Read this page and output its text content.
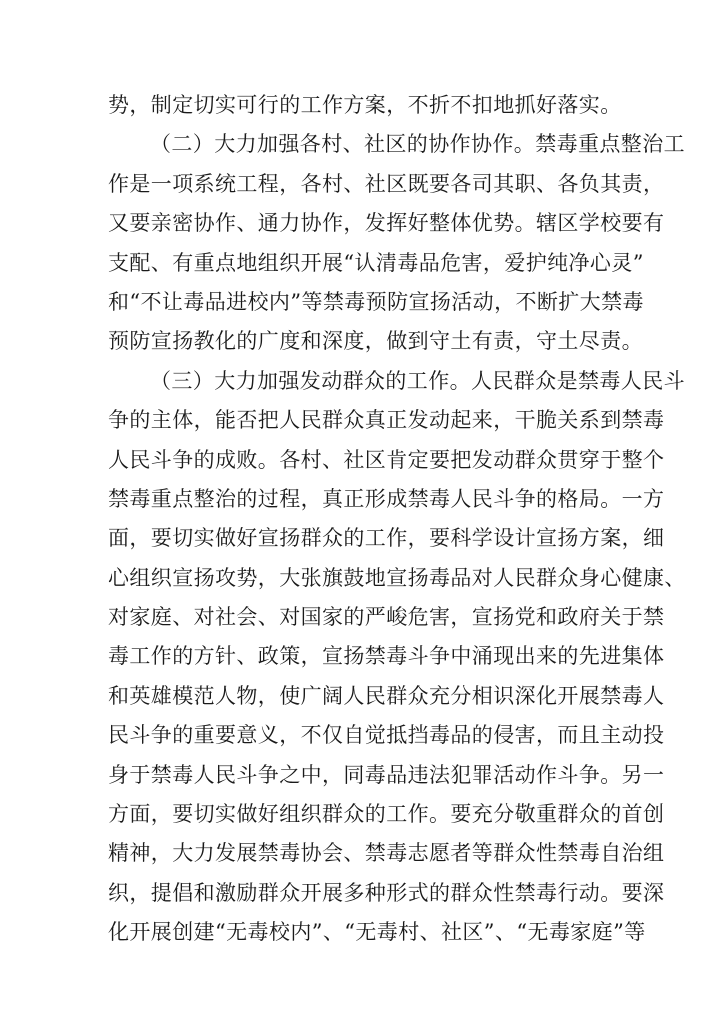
势，制定切实可行的工作方案，不折不扣地抓好落实。
（二）大力加强各村、社区的协作协作。禁毒重点整治工
作是一项系统工程，各村、社区既要各司其职、各负其责，
又要亲密协作、通力协作，发挥好整体优势。辖区学校要有
支配、有重点地组织开展“认清毒品危害，爱护纯净心灵”
和“不让毒品进校内”等禁毒预防宣扬活动，不断扩大禁毒
预防宣扬教化的广度和深度，做到守土有责，守土尽责。
（三）大力加强发动群众的工作。人民群众是禁毒人民斗
争的主体，能否把人民群众真正发动起来，干脆关系到禁毒
人民斗争的成败。各村、社区肯定要把发动群众贯穿于整个
禁毒重点整治的过程，真正形成禁毒人民斗争的格局。一方
面，要切实做好宣扬群众的工作，要科学设计宣扬方案，细
心组织宣扬攻势，大张旗鼓地宣扬毒品对人民群众身心健康、
对家庭、对社会、对国家的严峻危害，宣扬党和政府关于禁
毒工作的方针、政策，宣扬禁毒斗争中涌现出来的先进集体
和英雄模范人物，使广阔人民群众充分相识深化开展禁毒人
民斗争的重要意义，不仅自觉抵挡毒品的侵害，而且主动投
身于禁毒人民斗争之中，同毒品违法犯罪活动作斗争。另一
方面，要切实做好组织群众的工作。要充分敬重群众的首创
精神，大力发展禁毒协会、禁毒志愿者等群众性禁毒自治组
织，提倡和激励群众开展多种形式的群众性禁毒行动。要深
化开展创建“无毒校内”、“无毒村、社区”、“无毒家庭”等
